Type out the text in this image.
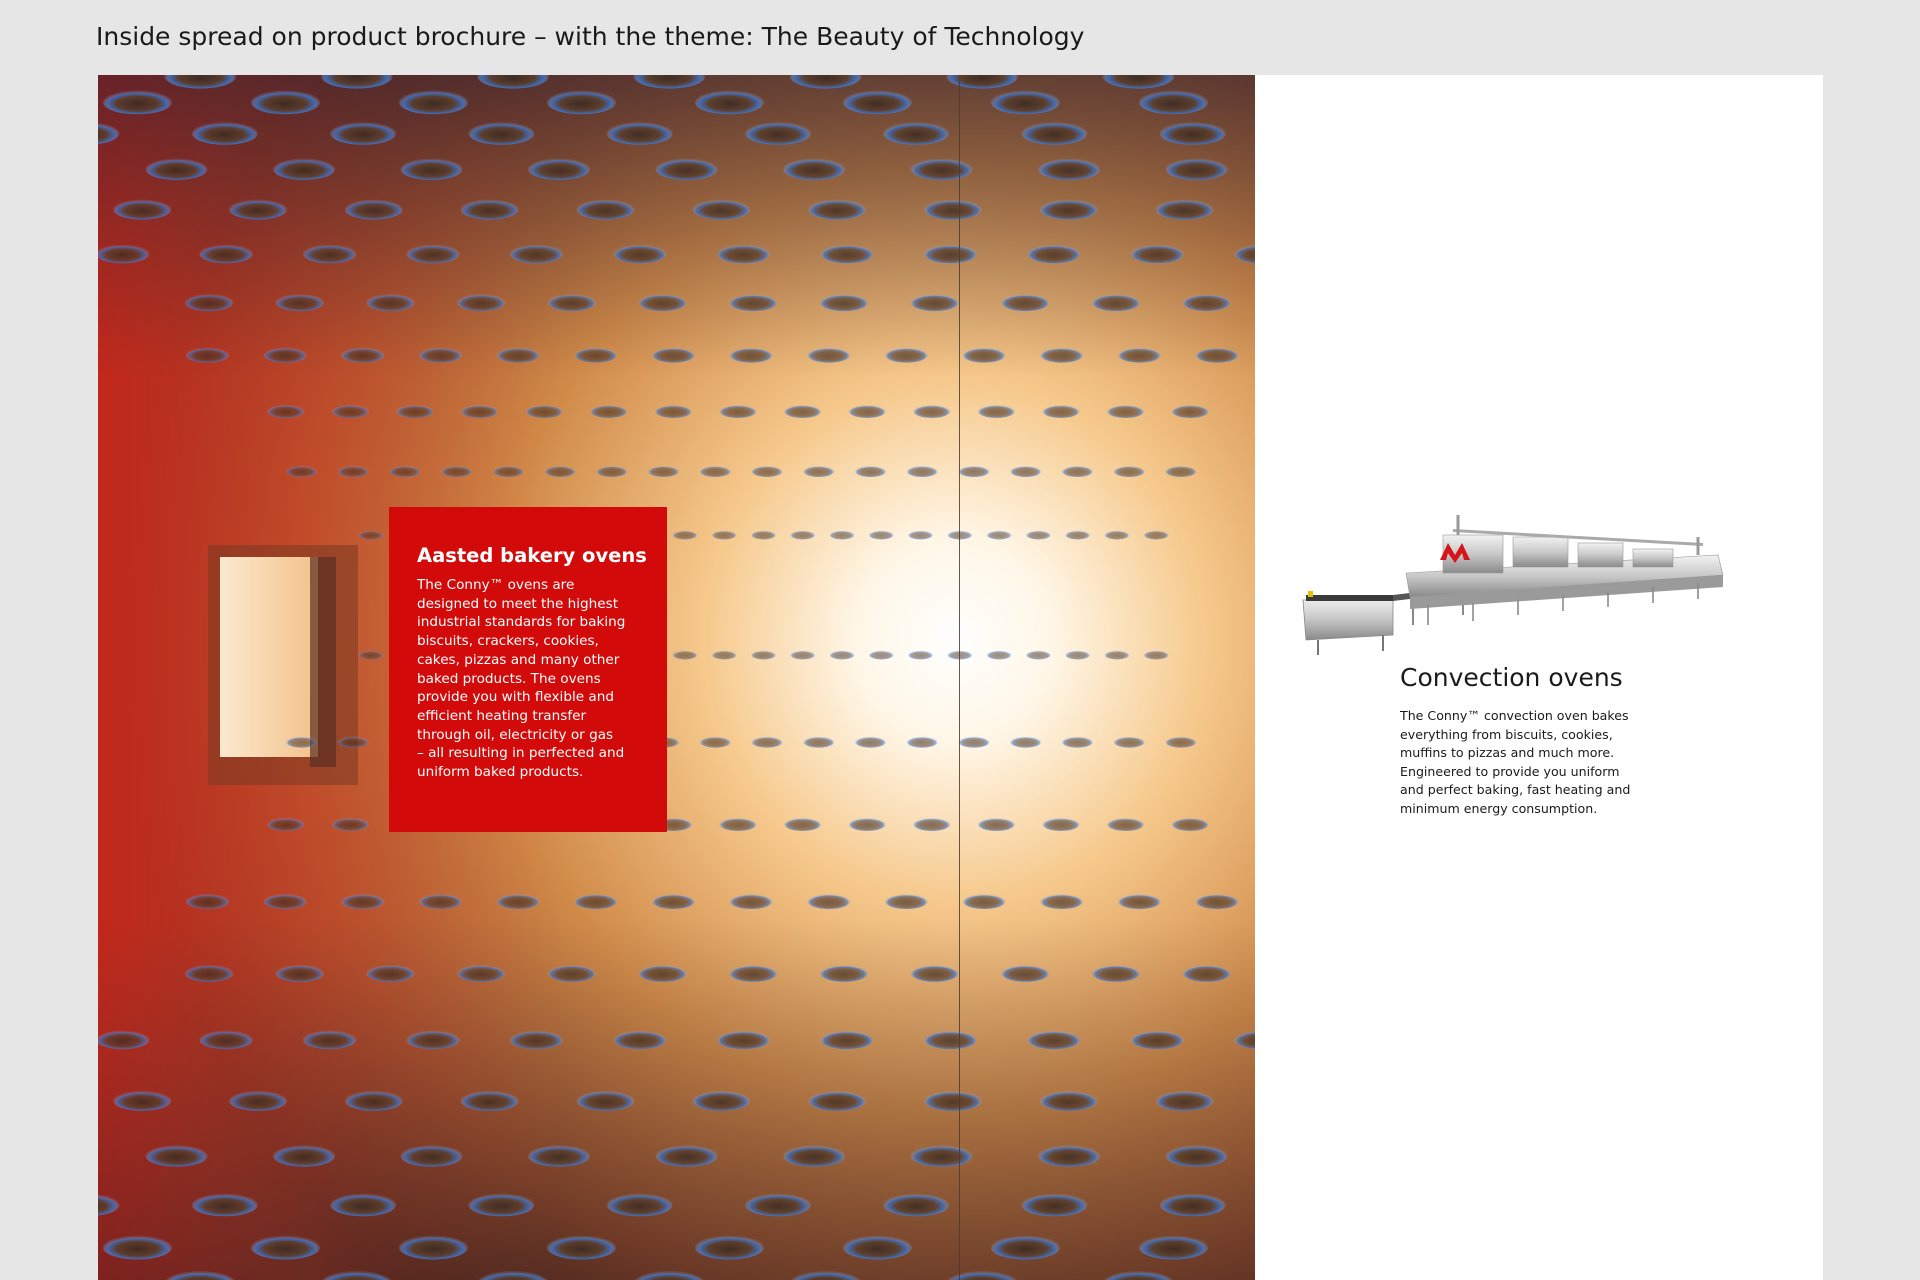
Inside spread on product brochure – with the theme: The Beauty of Technology
Aasted bakery ovens

The Conny™ ovens are
designed to meet the highest
industrial standards for baking
biscuits, crackers, cookies,
cakes, pizzas and many other
baked products. The ovens
provide you with flexible and
efficient heating transfer
through oil, electricity or gas
– all resulting in perfected and
uniform baked products.

Convection ovens

The Conny™ convection oven bakes
everything from biscuits, cookies,
muffins to pizzas and much more.
Engineered to provide you uniform
and perfect baking, fast heating and
minimum energy consumption.
